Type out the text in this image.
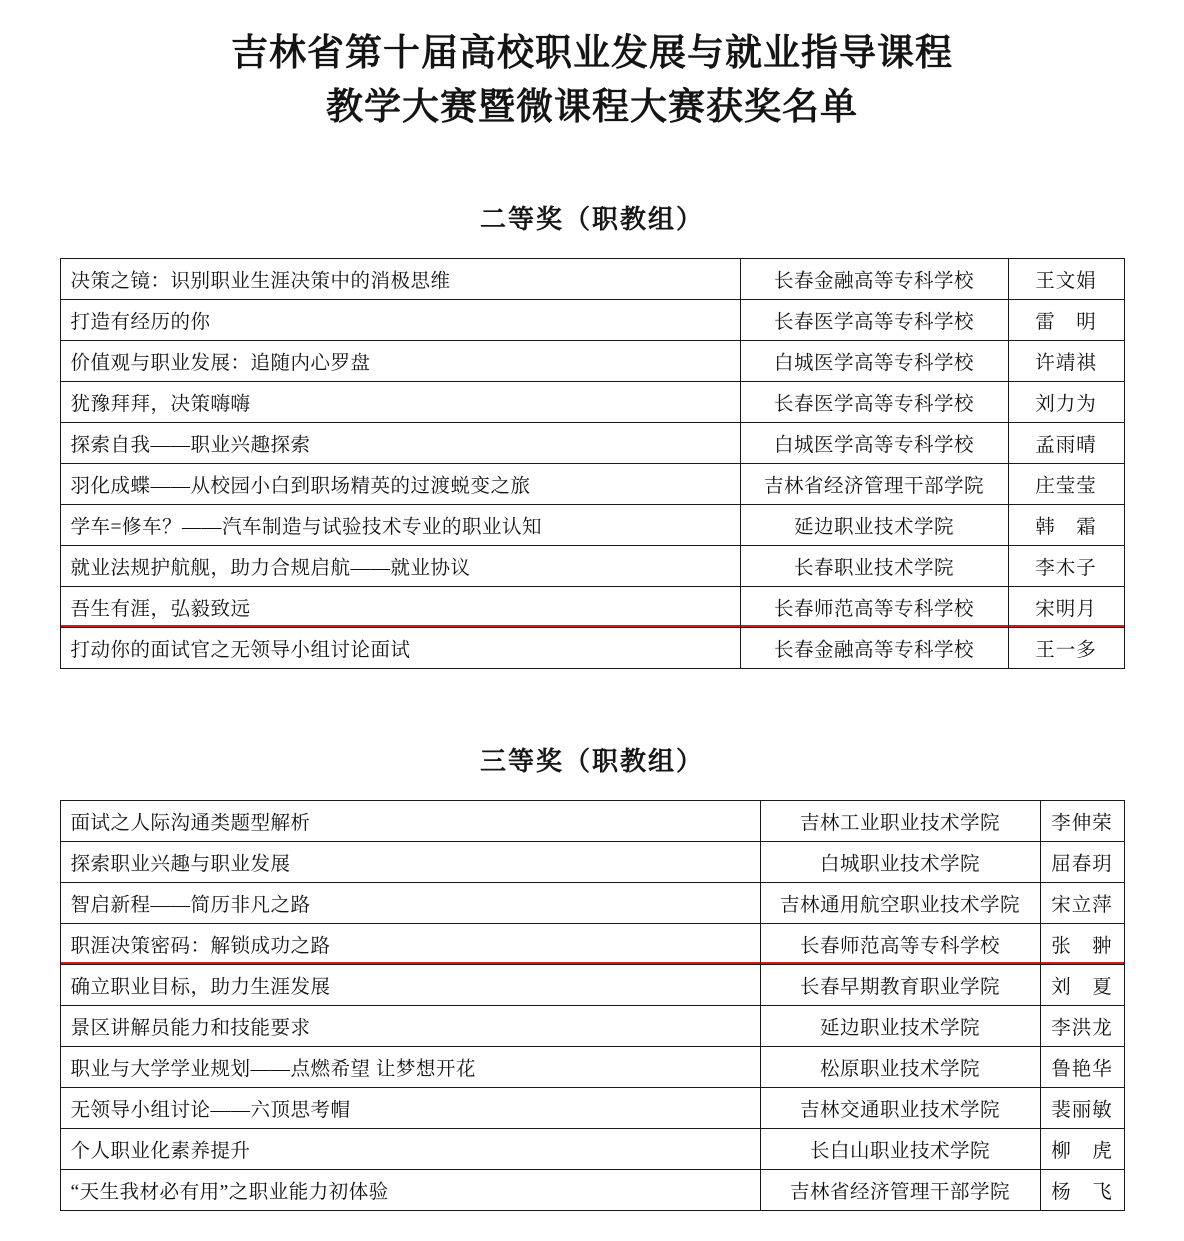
吉林省第十届高校职业发展与就业指导课程
教学大赛暨微课程大赛获奖名单
二等奖（职教组）
决策之镜：识别职业生涯决策中的消极思维	长春金融高等专科学校	王文娟
打造有经历的你	长春医学高等专科学校	雷　明
价值观与职业发展：追随内心罗盘	白城医学高等专科学校	许靖祺
犹豫拜拜，决策嗨嗨	长春医学高等专科学校	刘力为
探索自我——职业兴趣探索	白城医学高等专科学校	孟雨晴
羽化成蝶——从校园小白到职场精英的过渡蜕变之旅	吉林省经济管理干部学院	庄莹莹
学车=修车？——汽车制造与试验技术专业的职业认知	延边职业技术学院	韩　霜
就业法规护航舰，助力合规启航——就业协议	长春职业技术学院	李木子
吾生有涯，弘毅致远	长春师范高等专科学校	宋明月
打动你的面试官之无领导小组讨论面试	长春金融高等专科学校	王一多
三等奖（职教组）
面试之人际沟通类题型解析	吉林工业职业技术学院	李伸荣
探索职业兴趣与职业发展	白城职业技术学院	屈春玥
智启新程——简历非凡之路	吉林通用航空职业技术学院	宋立萍
职涯决策密码：解锁成功之路	长春师范高等专科学校	张　翀
确立职业目标，助力生涯发展	长春早期教育职业学院	刘　夏
景区讲解员能力和技能要求	延边职业技术学院	李洪龙
职业与大学学业规划——点燃希望 让梦想开花	松原职业技术学院	鲁艳华
无领导小组讨论——六顶思考帽	吉林交通职业技术学院	裴丽敏
个人职业化素养提升	长白山职业技术学院	柳　虎
“天生我材必有用”之职业能力初体验	吉林省经济管理干部学院	杨　飞
